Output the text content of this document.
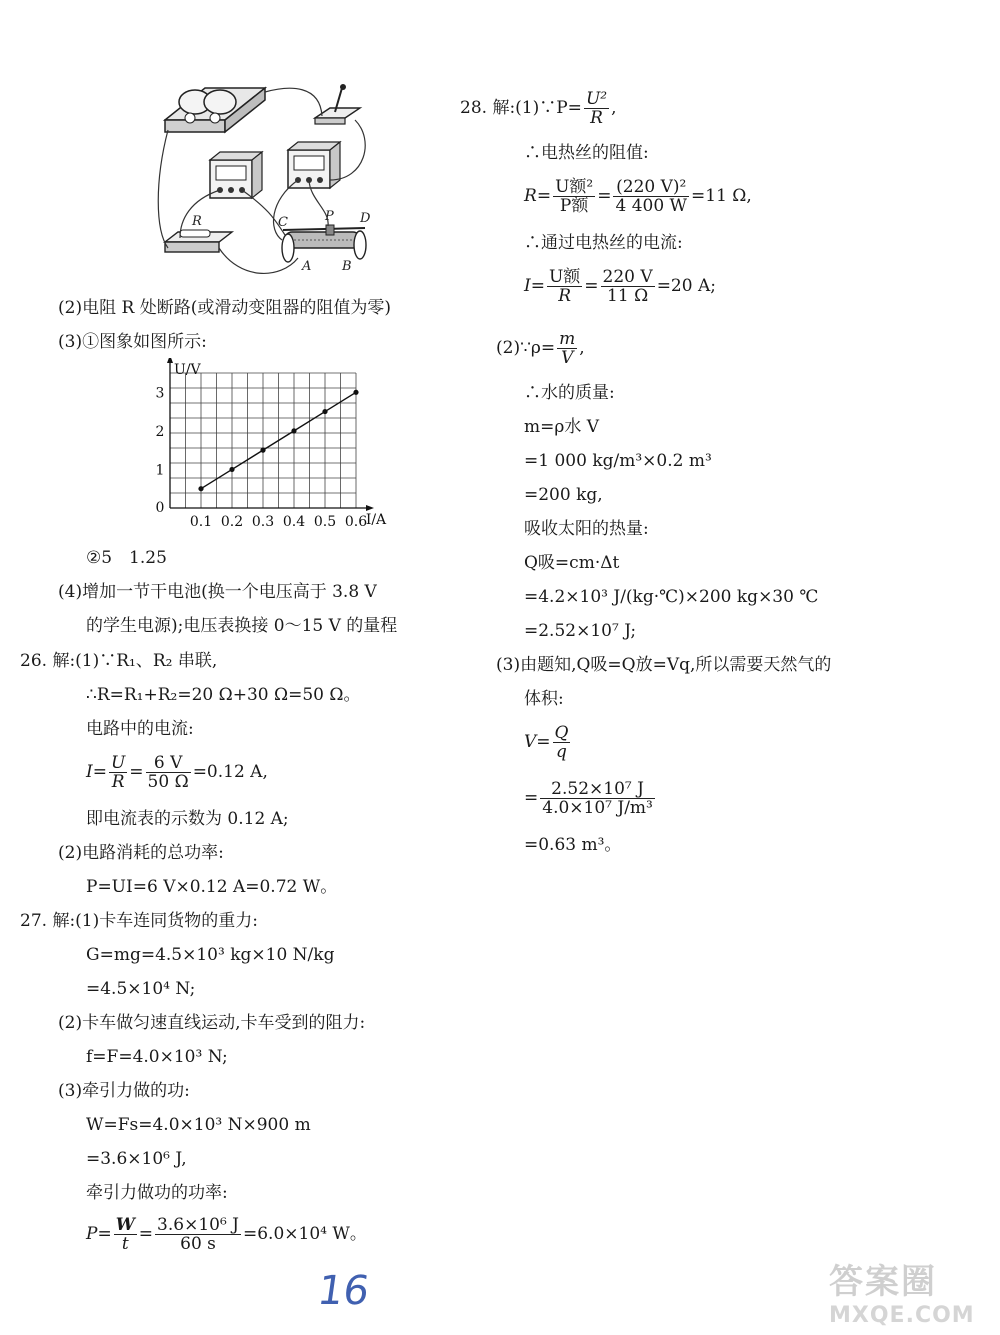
R	C	P D
A B
(2)电阻 R 处断路(或滑动变阻器的阻值为零)
(3)①图象如图所示:
U/V
I/A
0
0.1 0.2 0.3 0.4 0.5 0.6
1
2
3
②5　1.25
(4)增加一节干电池(换一个电压高于 3.8 V
的学生电源);电压表换接 0～15 V 的量程
26. 解:(1)∵R₁、R₂ 串联,
∴R=R₁+R₂=20 Ω+30 Ω=50 Ω。
电路中的电流:
$I= \frac{U}{R} = \frac{6 V}{50 \Omega} =0.12$ A,
即电流表的示数为 0.12 A;
(2)电路消耗的总功率:
P=UI=6 V×0.12 A=0.72 W。
27. 解:(1)卡车连同货物的重力:
G=mg=4.5×10³ kg×10 N/kg
=4.5×10⁴ N;
(2)卡车做匀速直线运动,卡车受到的阻力:
f=F=4.0×10³ N;
(3)牵引力做的功:
W=Fs=4.0×10³ N×900 m
=3.6×10⁶ J,
牵引力做功的功率:
$P= \frac{W}{t} = \frac{\text{3.6×10⁶ J}}{60 s} =6.0\times 10^4$ W。
28. 解:(1)∵P= $\frac{\text{U²}}{R}$ ,
∴电热丝的阻值:
$R= \frac{\text{U额²}}{\text{P额}} = \frac{\text{(220 V)²}}{4 400 W} =11$ Ω,
∴通过电热丝的电流:
$I= \frac{\text{U额}}{R} = \frac{220 V}{11 \Omega} =20$ A;
(2)∵ρ= $\frac{m}{V}$ ,
∴水的质量:
m=ρ水 V
=1 000 kg/m³×0.2 m³
=200 kg,
吸收太阳的热量:
Q吸=cm·Δt
=4.2×10³ J/(kg·℃)×200 kg×30 ℃
=2.52×10⁷ J;
(3)由题知,Q吸=Q放=Vq,所以需要天然气的
体积:
$V= \frac{Q}{q}$
= $\frac{\text{2.52×10⁷ J}}{\text{4.0×10⁷ J/m³}}$
=0.63 m³。
16	答案圈
MXQE.COM
